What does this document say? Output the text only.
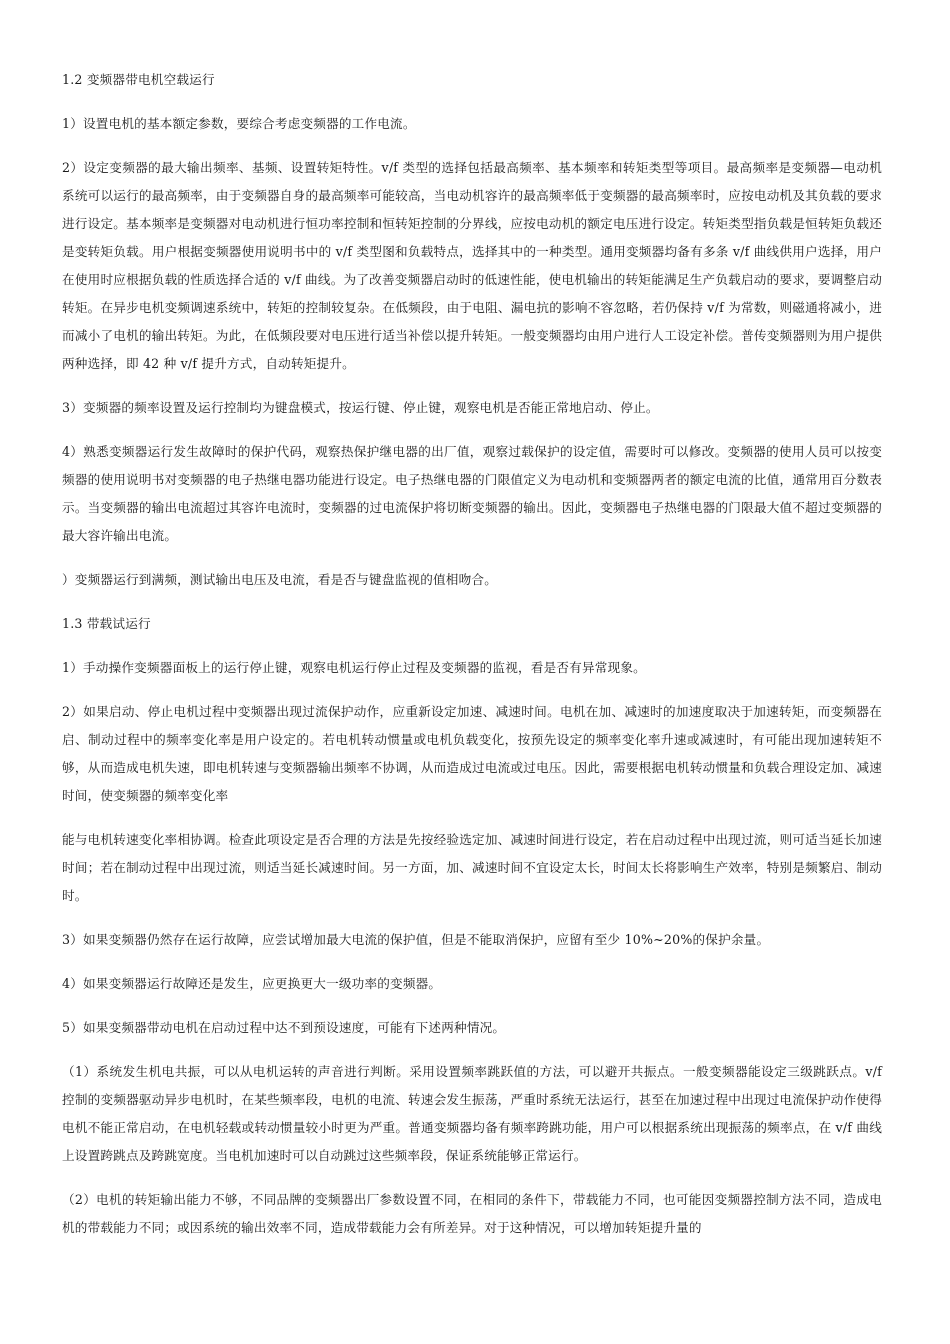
1.2 变频器带电机空载运行

1）设置电机的基本额定参数，要综合考虑变频器的工作电流。

2）设定变频器的最大输出频率、基频、设置转矩特性。v/f 类型的选择包括最高频率、基本频率和转矩类型等项目。最高频率是变频器—电动机系统可以运行的最高频率，由于变频器自身的最高频率可能较高，当电动机容许的最高频率低于变频器的最高频率时，应按电动机及其负载的要求进行设定。基本频率是变频器对电动机进行恒功率控制和恒转矩控制的分界线，应按电动机的额定电压进行设定。转矩类型指负载是恒转矩负载还是变转矩负载。用户根据变频器使用说明书中的 v/f 类型图和负载特点，选择其中的一种类型。通用变频器均备有多条 v/f 曲线供用户选择，用户在使用时应根据负载的性质选择合适的 v/f 曲线。为了改善变频器启动时的低速性能，使电机输出的转矩能满足生产负载启动的要求，要调整启动转矩。在异步电机变频调速系统中，转矩的控制较复杂。在低频段，由于电阻、漏电抗的影响不容忽略，若仍保持 v/f 为常数，则磁通将减小，进而减小了电机的输出转矩。为此，在低频段要对电压进行适当补偿以提升转矩。一般变频器均由用户进行人工设定补偿。普传变频器则为用户提供两种选择，即 42 种 v/f 提升方式，自动转矩提升。

3）变频器的频率设置及运行控制均为键盘模式，按运行键、停止键，观察电机是否能正常地启动、停止。

4）熟悉变频器运行发生故障时的保护代码，观察热保护继电器的出厂值，观察过载保护的设定值，需要时可以修改。变频器的使用人员可以按变频器的使用说明书对变频器的电子热继电器功能进行设定。电子热继电器的门限值定义为电动机和变频器两者的额定电流的比值，通常用百分数表示。当变频器的输出电流超过其容许电流时，变频器的过电流保护将切断变频器的输出。因此，变频器电子热继电器的门限最大值不超过变频器的最大容许输出电流。

）变频器运行到满频，测试输出电压及电流，看是否与键盘监视的值相吻合。

1.3 带载试运行

1）手动操作变频器面板上的运行停止键，观察电机运行停止过程及变频器的监视，看是否有异常现象。

2）如果启动、停止电机过程中变频器出现过流保护动作，应重新设定加速、减速时间。电机在加、减速时的加速度取决于加速转矩，而变频器在启、制动过程中的频率变化率是用户设定的。若电机转动惯量或电机负载变化，按预先设定的频率变化率升速或减速时，有可能出现加速转矩不够，从而造成电机失速，即电机转速与变频器输出频率不协调，从而造成过电流或过电压。因此，需要根据电机转动惯量和负载合理设定加、减速时间，使变频器的频率变化率

能与电机转速变化率相协调。检查此项设定是否合理的方法是先按经验选定加、减速时间进行设定，若在启动过程中出现过流，则可适当延长加速时间；若在制动过程中出现过流，则适当延长减速时间。另一方面，加、减速时间不宜设定太长，时间太长将影响生产效率，特别是频繁启、制动时。

3）如果变频器仍然存在运行故障，应尝试增加最大电流的保护值，但是不能取消保护，应留有至少 10%~20%的保护余量。

4）如果变频器运行故障还是发生，应更换更大一级功率的变频器。

5）如果变频器带动电机在启动过程中达不到预设速度，可能有下述两种情况。

（1）系统发生机电共振，可以从电机运转的声音进行判断。采用设置频率跳跃值的方法，可以避开共振点。一般变频器能设定三级跳跃点。v/f 控制的变频器驱动异步电机时，在某些频率段，电机的电流、转速会发生振荡，严重时系统无法运行，甚至在加速过程中出现过电流保护动作使得电机不能正常启动，在电机轻载或转动惯量较小时更为严重。普通变频器均备有频率跨跳功能，用户可以根据系统出现振荡的频率点，在 v/f 曲线上设置跨跳点及跨跳宽度。当电机加速时可以自动跳过这些频率段，保证系统能够正常运行。

（2）电机的转矩输出能力不够，不同品牌的变频器出厂参数设置不同，在相同的条件下，带载能力不同，也可能因变频器控制方法不同，造成电机的带载能力不同；或因系统的输出效率不同，造成带载能力会有所差异。对于这种情况，可以增加转矩提升量的
